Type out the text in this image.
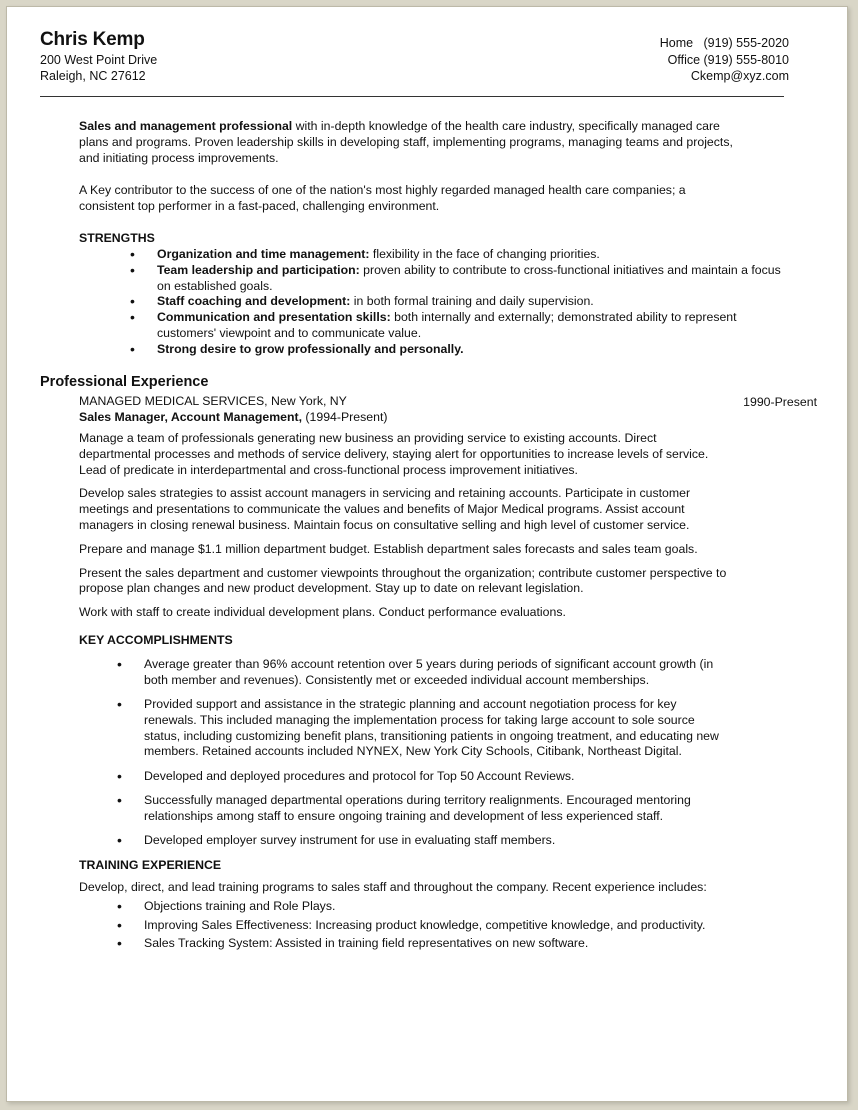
Chris Kemp
200 West Point Drive
Raleigh, NC 27612
Home   (919) 555-2020
Office (919) 555-8010
Ckemp@xyz.com
Sales and management professional with in-depth knowledge of the health care industry, specifically managed care plans and programs. Proven leadership skills in developing staff, implementing programs, managing teams and projects, and initiating process improvements.
A Key contributor to the success of one of the nation's most highly regarded managed health care companies; a consistent top performer in a fast-paced, challenging environment.
STRENGTHS
• Organization and time management: flexibility in the face of changing priorities.
• Team leadership and participation: proven ability to contribute to cross-functional initiatives and maintain a focus on established goals.
• Staff coaching and development: in both formal training and daily supervision.
• Communication and presentation skills: both internally and externally; demonstrated ability to represent customers' viewpoint and to communicate value.
• Strong desire to grow professionally and personally.
Professional Experience
MANAGED MEDICAL SERVICES, New York, NY	1990-Present
Sales Manager, Account Management, (1994-Present)

Manage a team of professionals generating new business an providing service to existing accounts. Direct departmental processes and methods of service delivery, staying alert for opportunities to increase levels of service. Lead of predicate in interdepartmental and cross-functional process improvement initiatives.

Develop sales strategies to assist account managers in servicing and retaining accounts. Participate in customer meetings and presentations to communicate the values and benefits of Major Medical programs. Assist account managers in closing renewal business. Maintain focus on consultative selling and high level of customer service.

Prepare and manage $1.1 million department budget. Establish department sales forecasts and sales team goals.

Present the sales department and customer viewpoints throughout the organization; contribute customer perspective to propose plan changes and new product development. Stay up to date on relevant legislation.

Work with staff to create individual development plans. Conduct performance evaluations.

KEY ACCOMPLISHMENTS
• Average greater than 96% account retention over 5 years during periods of significant account growth (in both member and revenues). Consistently met or exceeded individual account memberships.
• Provided support and assistance in the strategic planning and account negotiation process for key renewals. This included managing the implementation process for taking large account to sole source status, including customizing benefit plans, transitioning patients in ongoing treatment, and educating new members. Retained accounts included NYNEX, New York City Schools, Citibank, Northeast Digital.
• Developed and deployed procedures and protocol for Top 50 Account Reviews.
• Successfully managed departmental operations during territory realignments. Encouraged mentoring relationships among staff to ensure ongoing training and development of less experienced staff.
• Developed employer survey instrument for use in evaluating staff members.
TRAINING EXPERIENCE
Develop, direct, and lead training programs to sales staff and throughout the company. Recent experience includes:
• Objections training and Role Plays.
• Improving Sales Effectiveness: Increasing product knowledge, competitive knowledge, and productivity.
• Sales Tracking System: Assisted in training field representatives on new software.
